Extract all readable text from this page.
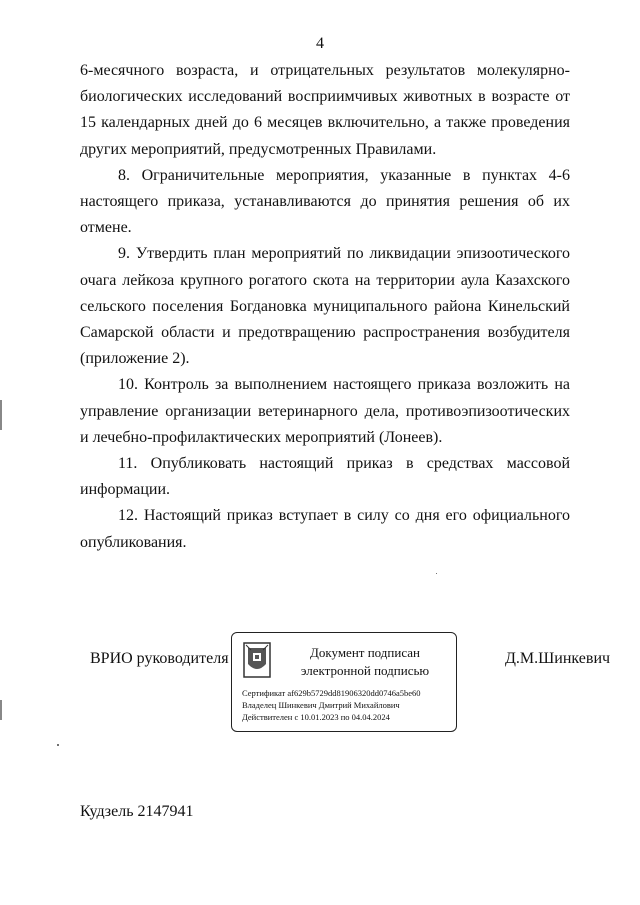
4

6-месячного возраста, и отрицательных результатов молекулярно-биологических исследований восприимчивых животных в возрасте от 15 календарных дней до 6 месяцев включительно, а также проведения других мероприятий, предусмотренных Правилами.

8. Ограничительные мероприятия, указанные в пунктах 4-6 настоящего приказа, устанавливаются до принятия решения об их отмене.

9. Утвердить план мероприятий по ликвидации эпизоотического очага лейкоза крупного рогатого скота на территории аула Казахского сельского поселения Богдановка муниципального района Кинельский Самарской области и предотвращению распространения возбудителя (приложение 2).

10. Контроль за выполнением настоящего приказа возложить на управление организации ветеринарного дела, противоэпизоотических и лечебно-профилактических мероприятий (Лонеев).

11. Опубликовать настоящий приказ в средствах массовой информации.

12. Настоящий приказ вступает в силу со дня его официального опубликования.

ВРИО руководителя	Документ подписан
электронной подписью
Сертификат af629b5729dd81906320dd0746a5be60
Владелец Шинкевич Дмитрий Михайлович
Действителен с 10.01.2023 по 04.04.2024
Д.М.Шинкевич
Кудзель 2147941
